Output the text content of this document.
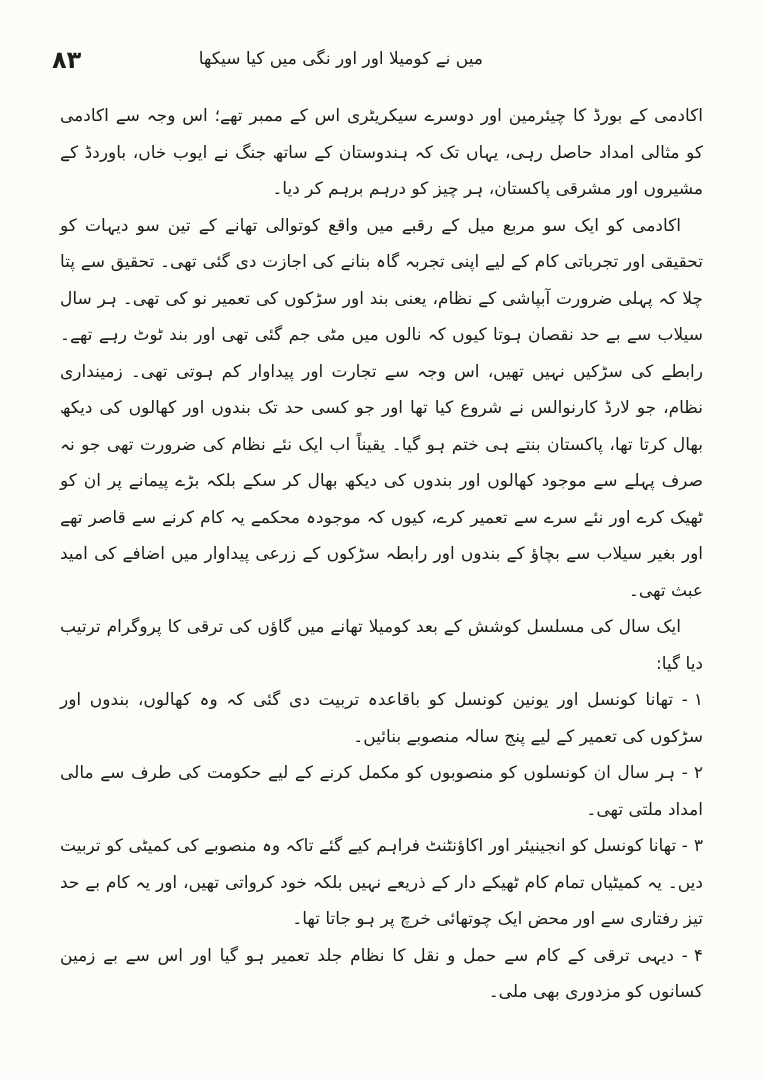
۸۳	میں نے کومیلا اور اور نگی میں کیا سیکھا

اکادمی کے بورڈ کا چیئرمین اور دوسرے سیکریٹری اس کے ممبر تھے؛ اس وجہ سے اکادمی کو مثالی امداد حاصل رہی، یہاں تک کہ ہندوستان کے ساتھ جنگ نے ایوب خاں، باوردڈ کے مشیروں اور مشرقی پاکستان، ہر چیز کو درہم برہم کر دیا۔

اکادمی کو ایک سو مربع میل کے رقبے میں واقع کوتوالی تھانے کے تین سو دیہات کو تحقیقی اور تجرباتی کام کے لیے اپنی تجربہ گاہ بنانے کی اجازت دی گئی تھی۔ تحقیق سے پتا چلا کہ پہلی ضرورت آبپاشی کے نظام، یعنی بند اور سڑکوں کی تعمیر نو کی تھی۔ ہر سال سیلاب سے بے حد نقصان ہوتا کیوں کہ نالوں میں مٹی جم گئی تھی اور بند ٹوٹ رہے تھے۔ رابطے کی سڑکیں نہیں تھیں، اس وجہ سے تجارت اور پیداوار کم ہوتی تھی۔ زمینداری نظام، جو لارڈ کارنوالس نے شروع کیا تھا اور جو کسی حد تک بندوں اور کھالوں کی دیکھ بھال کرتا تھا، پاکستان بنتے ہی ختم ہو گیا۔ یقیناً اب ایک نئے نظام کی ضرورت تھی جو نہ صرف پہلے سے موجود کھالوں اور بندوں کی دیکھ بھال کر سکے بلکہ بڑے پیمانے پر ان کو ٹھیک کرے اور نئے سرے سے تعمیر کرے، کیوں کہ موجودہ محکمے یہ کام کرنے سے قاصر تھے اور بغیر سیلاب سے بچاؤ کے بندوں اور رابطہ سڑکوں کے زرعی پیداوار میں اضافے کی امید عبث تھی۔

ایک سال کی مسلسل کوشش کے بعد کومیلا تھانے میں گاؤں کی ترقی کا پروگرام ترتیب دیا گیا:

۱- تھانا کونسل اور یونین کونسل کو باقاعدہ تربیت دی گئی کہ وہ کھالوں، بندوں اور سڑکوں کی تعمیر کے لیے پنج سالہ منصوبے بنائیں۔

۲- ہر سال ان کونسلوں کو منصوبوں کو مکمل کرنے کے لیے حکومت کی طرف سے مالی امداد ملتی تھی۔

۳- تھانا کونسل کو انجینیئر اور اکاؤنٹنٹ فراہم کیے گئے تاکہ وہ منصوبے کی کمیٹی کو تربیت دیں۔ یہ کمیٹیاں تمام کام ٹھیکے دار کے ذریعے نہیں بلکہ خود کرواتی تھیں، اور یہ کام بے حد تیز رفتاری سے اور محض ایک چوتھائی خرچ پر ہو جاتا تھا۔

۴- دیہی ترقی کے کام سے حمل و نقل کا نظام جلد تعمیر ہو گیا اور اس سے بے زمین کسانوں کو مزدوری بھی ملی۔
